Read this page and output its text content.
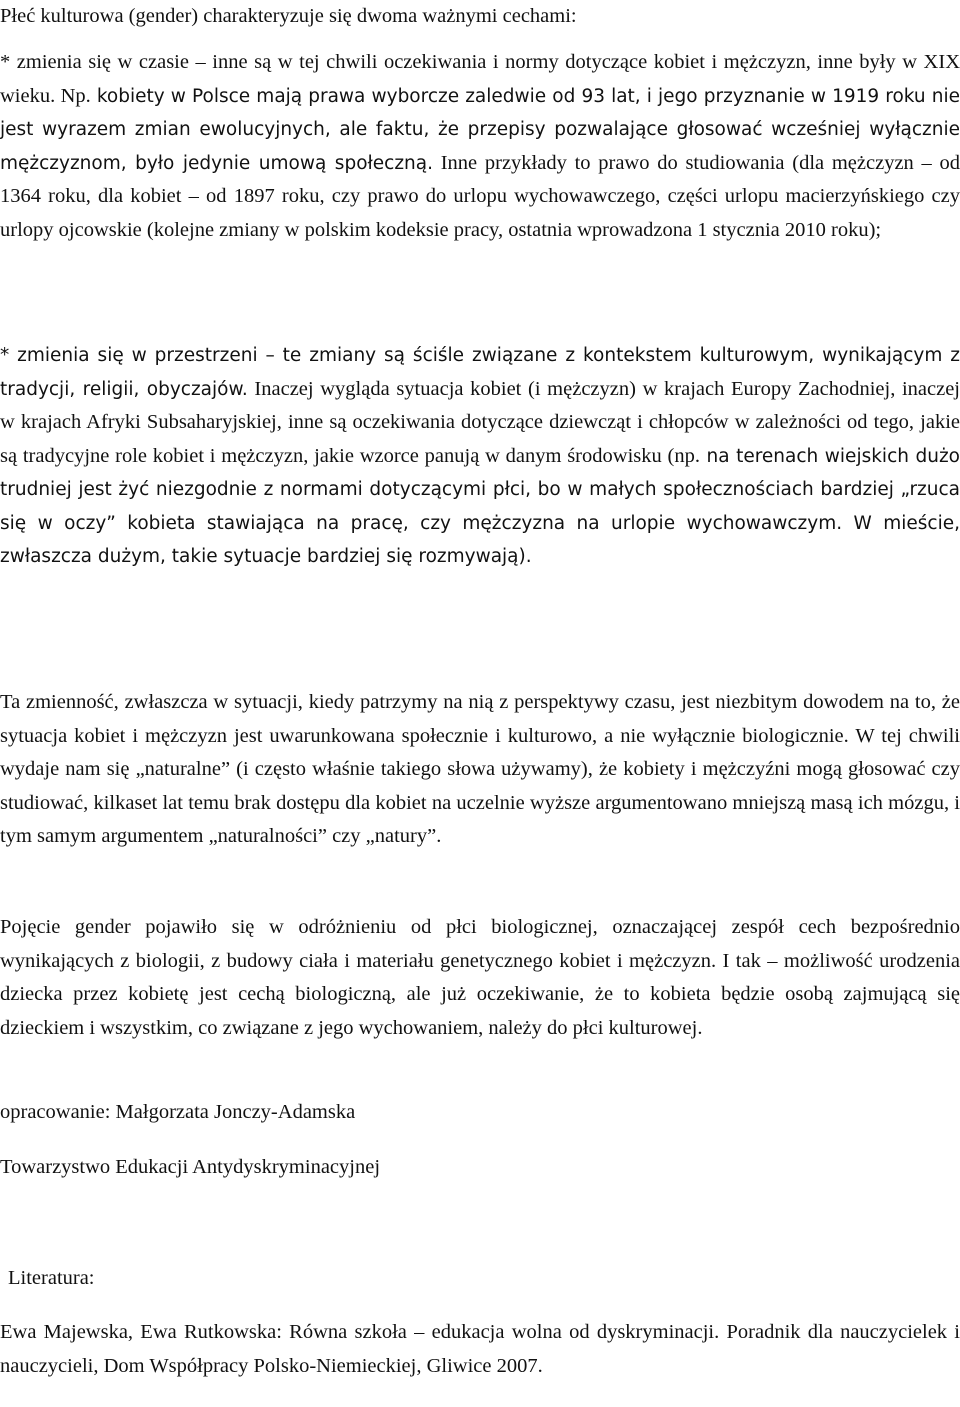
Płeć kulturowa (gender) charakteryzuje się dwoma ważnymi cechami:

* zmienia się w czasie – inne są w tej chwili oczekiwania i normy dotyczące kobiet i mężczyzn, inne były w XIX wieku. Np. kobiety w Polsce mają prawa wyborcze zaledwie od 93 lat, i jego przyznanie w 1919 roku nie jest wyrazem zmian ewolucyjnych, ale faktu, że przepisy pozwalające głosować wcześniej wyłącznie mężczyznom, było jedynie umową społeczną. Inne przykłady to prawo do studiowania (dla mężczyzn – od 1364 roku, dla kobiet – od 1897 roku, czy prawo do urlopu wychowawczego, części urlopu macierzyńskiego czy urlopy ojcowskie (kolejne zmiany w polskim kodeksie pracy, ostatnia wprowadzona 1 stycznia 2010 roku);

* zmienia się w przestrzeni – te zmiany są ściśle związane z kontekstem kulturowym, wynikającym z tradycji, religii, obyczajów. Inaczej wygląda sytuacja kobiet (i mężczyzn) w krajach Europy Zachodniej, inaczej w krajach Afryki Subsaharyjskiej, inne są oczekiwania dotyczące dziewcząt i chłopców w zależności od tego, jakie są tradycyjne role kobiet i mężczyzn, jakie wzorce panują w danym środowisku (np. na terenach wiejskich dużo trudniej jest żyć niezgodnie z normami dotyczącymi płci, bo w małych społecznościach bardziej „rzuca się w oczy” kobieta stawiająca na pracę, czy mężczyzna na urlopie wychowawczym. W mieście, zwłaszcza dużym, takie sytuacje bardziej się rozmywają).

Ta zmienność, zwłaszcza w sytuacji, kiedy patrzymy na nią z perspektywy czasu, jest niezbitym dowodem na to, że sytuacja kobiet i mężczyzn jest uwarunkowana społecznie i kulturowo, a nie wyłącznie biologicznie. W tej chwili wydaje nam się „naturalne” (i często właśnie takiego słowa używamy), że kobiety i mężczyźni mogą głosować czy studiować, kilkaset lat temu brak dostępu dla kobiet na uczelnie wyższe argumentowano mniejszą masą ich mózgu, i tym samym argumentem „naturalności” czy „natury”.

Pojęcie gender pojawiło się w odróżnieniu od płci biologicznej, oznaczającej zespół cech bezpośrednio wynikających z biologii, z budowy ciała i materiału genetycznego kobiet i mężczyzn. I tak – możliwość urodzenia dziecka przez kobietę jest cechą biologiczną, ale już oczekiwanie, że to kobieta będzie osobą zajmującą się dzieckiem i wszystkim, co związane z jego wychowaniem, należy do płci kulturowej.

opracowanie: Małgorzata Jonczy-Adamska

Towarzystwo Edukacji Antydyskryminacyjnej

Literatura:

Ewa Majewska, Ewa Rutkowska: Równa szkoła – edukacja wolna od dyskryminacji. Poradnik dla nauczycielek i nauczycieli, Dom Współpracy Polsko-Niemieckiej, Gliwice 2007.
